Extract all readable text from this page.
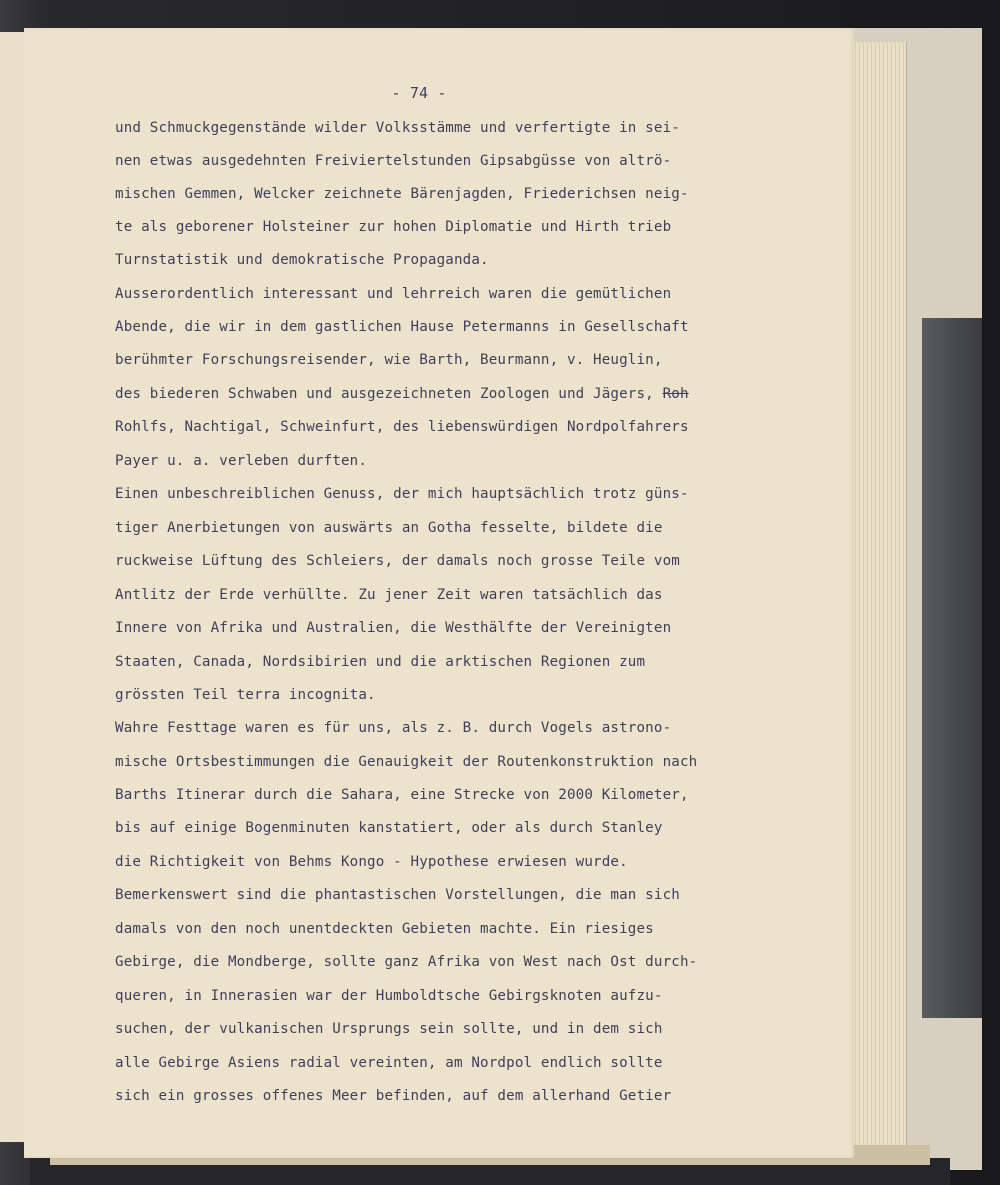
- 74 -
und Schmuckgegenstände wilder Volksstämme und verfertigte in sei-
nen etwas ausgedehnten Freiviertelstunden Gipsabgüsse von altrö-
mischen Gemmen, Welcker zeichnete Bärenjagden, Friederichsen neig-
te als geborener Holsteiner zur hohen Diplomatie und Hirth trieb
Turnstatistik und demokratische Propaganda.
Ausserordentlich interessant und lehrreich waren die gemütlichen
Abende, die wir in dem gastlichen Hause Petermanns in Gesellschaft
berühmter Forschungsreisender, wie Barth, Beurmann, v. Heuglin,
des biederen Schwaben und ausgezeichneten Zoologen und Jägers, Roh
Rohlfs, Nachtigal, Schweinfurt, des liebenswürdigen Nordpolfahrers
Payer u. a. verleben durften.
Einen unbeschreiblichen Genuss, der mich hauptsächlich trotz güns-
tiger Anerbietungen von auswärts an Gotha fesselte, bildete die
ruckweise Lüftung des Schleiers, der damals noch grosse Teile vom
Antlitz der Erde verhüllte. Zu jener Zeit waren tatsächlich das
Innere von Afrika und Australien, die Westhälfte der Vereinigten
Staaten, Canada, Nordsibirien und die arktischen Regionen zum
grössten Teil terra incognita.
Wahre Festtage waren es für uns, als z. B. durch Vogels astrono-
mische Ortsbestimmungen die Genauigkeit der Routenkonstruktion nach
Barths Itinerar durch die Sahara, eine Strecke von 2000 Kilometer,
bis auf einige Bogenminuten kanstatiert, oder als durch Stanley
die Richtigkeit von Behms Kongo - Hypothese erwiesen wurde.
Bemerkenswert sind die phantastischen Vorstellungen, die man sich
damals von den noch unentdeckten Gebieten machte. Ein riesiges
Gebirge, die Mondberge, sollte ganz Afrika von West nach Ost durch-
queren, in Innerasien war der Humboldtsche Gebirgsknoten aufzu-
suchen, der vulkanischen Ursprungs sein sollte, und in dem sich
alle Gebirge Asiens radial vereinten, am Nordpol endlich sollte
sich ein grosses offenes Meer befinden, auf dem allerhand Getier
